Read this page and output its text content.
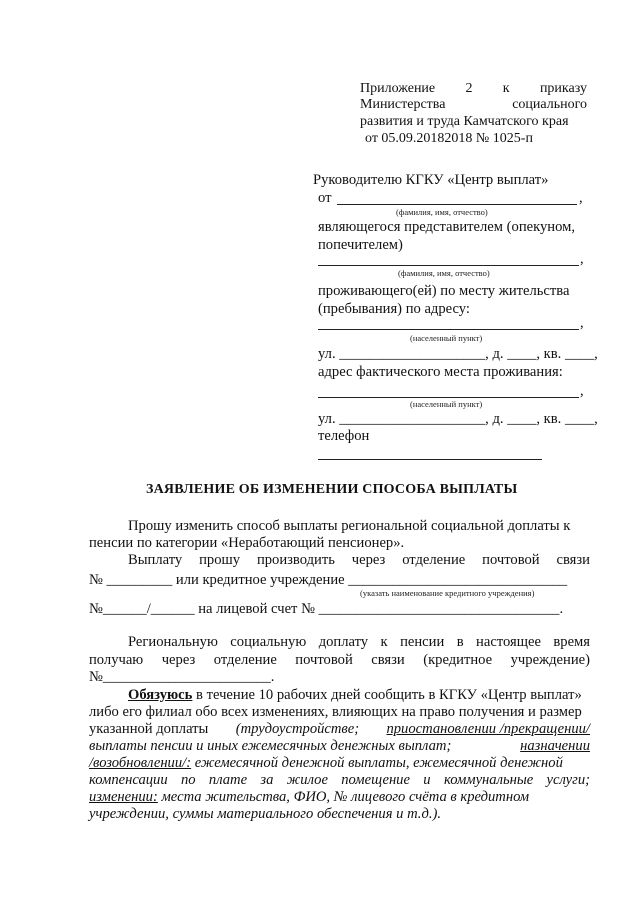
Приложение 2 к приказу
Министерства	социального
развития и труда Камчатского края
от 05.09.20182018 № 1025-п
Руководителю КГКУ «Центр выплат»
от	,
(фамилия, имя, отчество)
являющегося представителем (опекуном, попечителем)
,
(фамилия, имя, отчество)
проживающего(ей) по месту жительства (пребывания) по адресу:
,
(населенный пункт)
ул. ____________________, д. ____, кв. ____,
адрес фактического места проживания:
,
(населенный пункт)
ул. ____________________, д. ____, кв. ____,
телефон
ЗАЯВЛЕНИЕ ОБ ИЗМЕНЕНИИ СПОСОБА ВЫПЛАТЫ
Прошу изменить способ выплаты региональной социальной доплаты к
пенсии по категории «Неработающий пенсионер».
Выплату прошу производить через отделение почтовой связи
№ _________ или кредитное учреждение ______________________________
(указать наименование кредитного учреждения)
№______/______ на лицевой счет № _________________________________.
Региональную социальную доплату к пенсии в настоящее время
получаю через отделение почтовой связи (кредитное учреждение)
№_______________________.
Обязуюсь в течение 10 рабочих дней сообщить в КГКУ «Центр выплат»
либо его филиал обо всех изменениях, влияющих на право получения и размер
указанной доплаты (трудоустройстве; приостановлении /прекращении/
выплаты пенсии и иных ежемесячных денежных выплат;	назначении
/возобновлении/: ежемесячной денежной выплаты, ежемесячной денежной
компенсации по плате за жилое помещение и коммунальные услуги;
изменении: места жительства, ФИО, № лицевого счёта в кредитном
учреждении, суммы материального обеспечения и т.д.).
